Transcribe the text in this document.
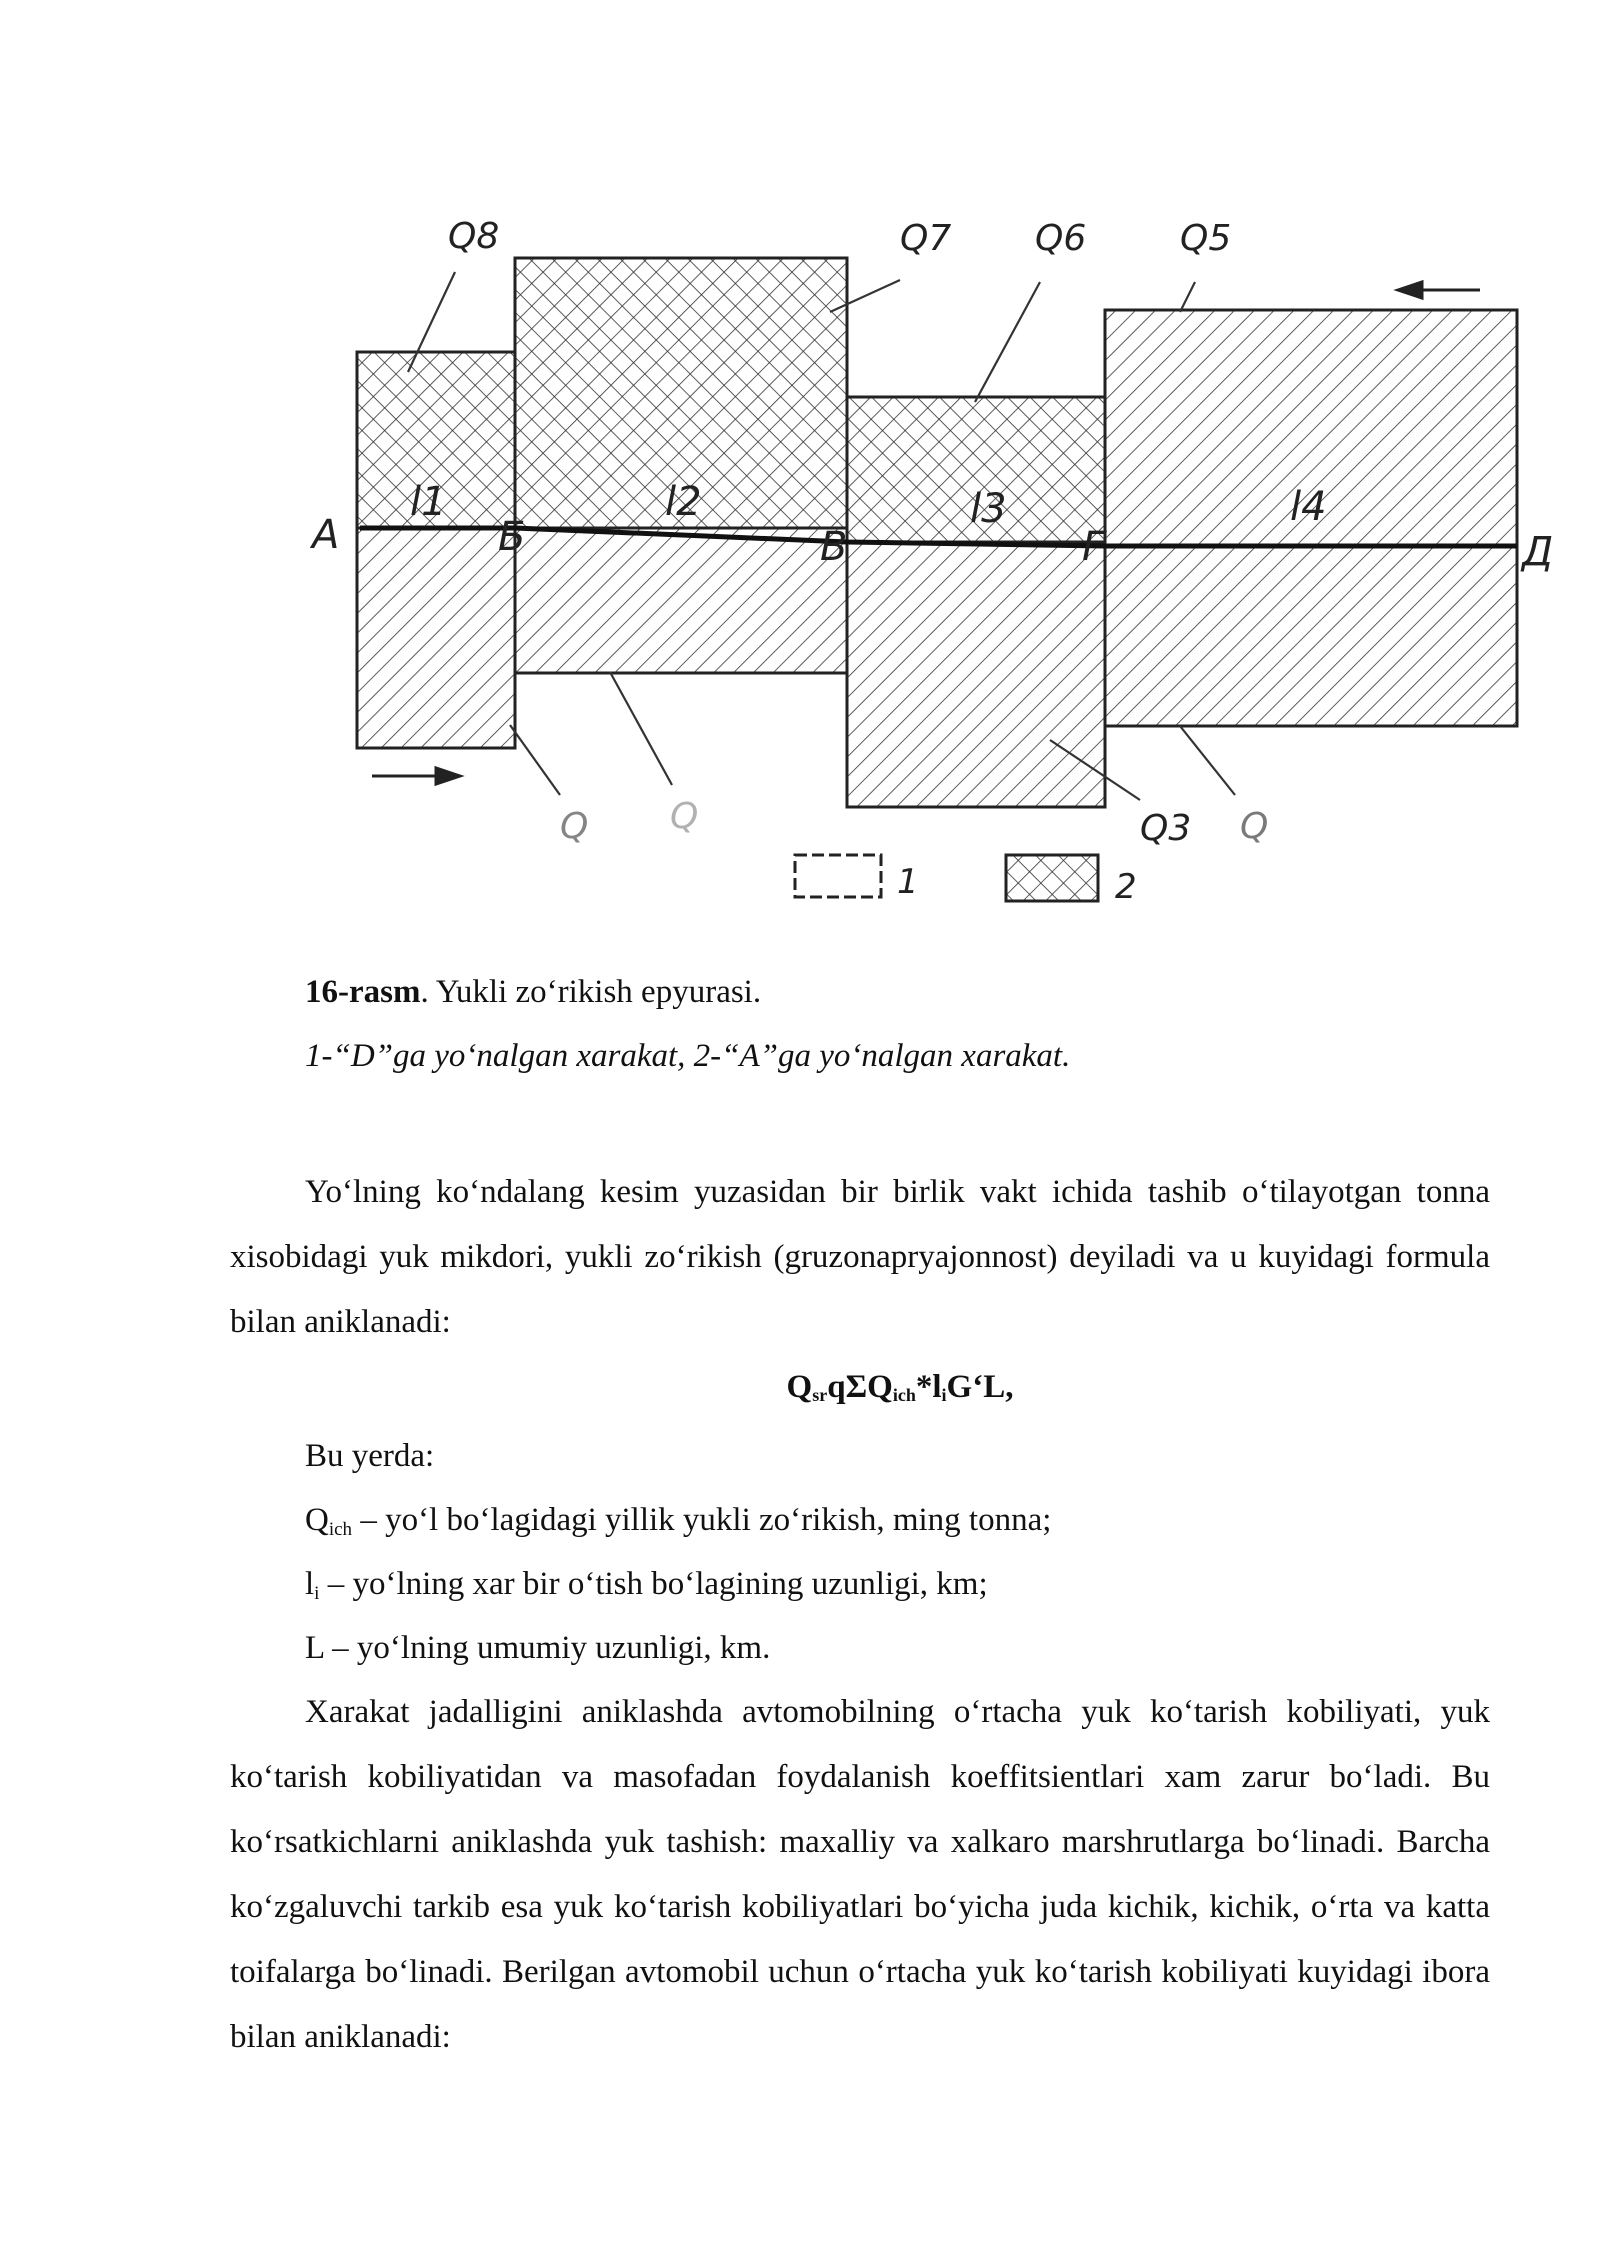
Q8	Q7 Q6	Q5
Q3
Q Q	Q
l1	l2	l3	l4
A	Б	В	Г	Д
1	2
16-rasm. Yukli zo‘rikish epyurasi.
1-“D”ga yo‘nalgan xarakat, 2-“A”ga yo‘nalgan xarakat.

Yo‘lning ko‘ndalang kesim yuzasidan bir birlik vakt ichida tashib o‘tilayotgan tonna xisobidagi yuk mikdori, yukli zo‘rikish (gruzonapryajonnost) deyiladi va u kuyidagi formula bilan aniklanadi:

$Q_{sr}q\Sigma Q_{ich}*l_iG‘L$,
Bu yerda:
$Q_{ich}$ – yo‘l bo‘lagidagi yillik yukli zo‘rikish, ming tonna;
$l_i$ – yo‘lning xar bir o‘tish bo‘lagining uzunligi, km;
L – yo‘lning umumiy uzunligi, km.

Xarakat jadalligini aniklashda avtomobilning o‘rtacha yuk ko‘tarish kobiliyati, yuk ko‘tarish kobiliyatidan va masofadan foydalanish koeffitsientlari xam zarur bo‘ladi. Bu ko‘rsatkichlarni aniklashda yuk tashish: maxalliy va xalkaro marshrutlarga bo‘linadi. Barcha ko‘zgaluvchi tarkib esa yuk ko‘tarish kobiliyatlari bo‘yicha juda kichik, kichik, o‘rta va katta toifalarga bo‘linadi. Berilgan avtomobil uchun o‘rtacha yuk ko‘tarish kobiliyati kuyidagi ibora bilan aniklanadi:
